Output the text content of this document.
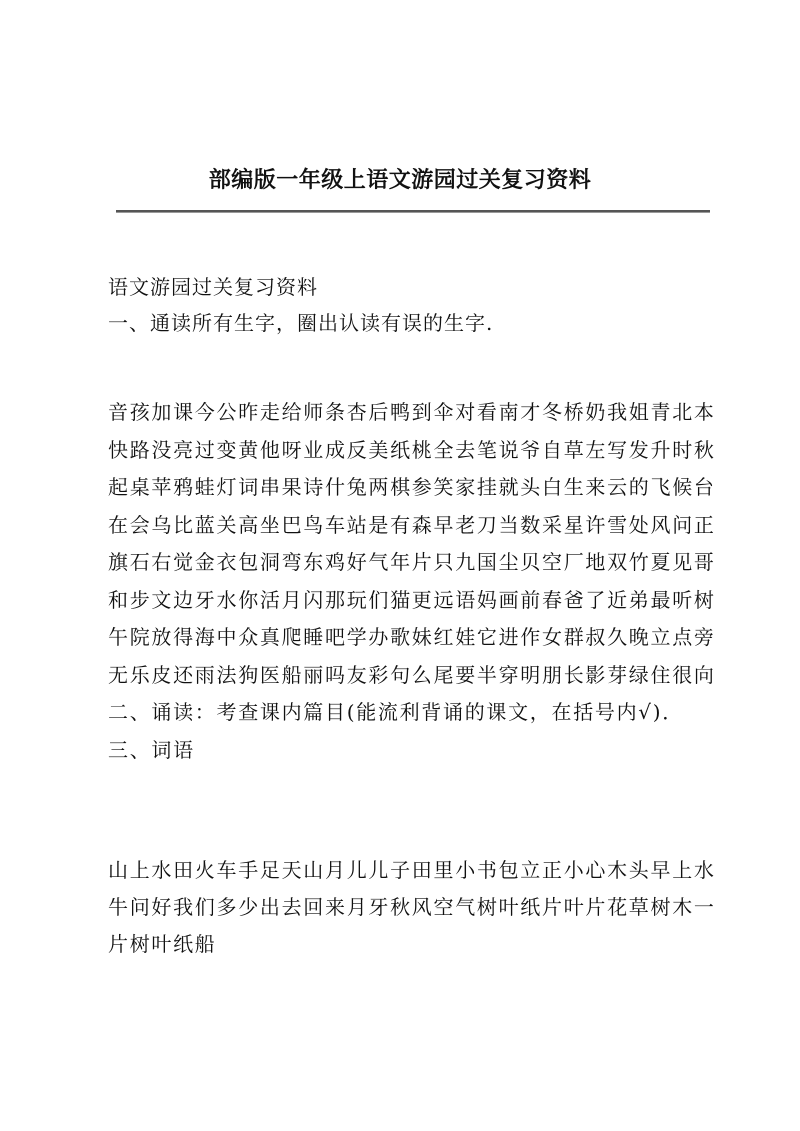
部编版一年级上语文游园过关复习资料
语文游园过关复习资料
一、通读所有生字，圈出认读有误的生字.
音孩加课今公昨走给师条杏后鸭到伞对看南才冬桥奶我姐青北本
快路没亮过变黄他呀业成反美纸桃全去笔说爷自草左写发升时秋
起桌苹鸦蛙灯词串果诗什兔两棋参笑家挂就头白生来云的飞候台
在会乌比蓝关高坐巴鸟车站是有森早老刀当数采星许雪处风问正
旗石右觉金衣包洞弯东鸡好气年片只九国尘贝空厂地双竹夏见哥
和步文边牙水你活月闪那玩们猫更远语妈画前春爸了近弟最听树
午院放得海中众真爬睡吧学办歌妹红娃它进作女群叔久晚立点旁
无乐皮还雨法狗医船丽吗友彩句么尾要半穿明朋长影芽绿住很向
二、诵读：考查课内篇目(能流利背诵的课文，在括号内√)．
三、词语
山上水田火车手足天山月儿儿子田里小书包立正小心木头早上水
牛问好我们多少出去回来月牙秋风空气树叶纸片叶片花草树木一
片树叶纸船
